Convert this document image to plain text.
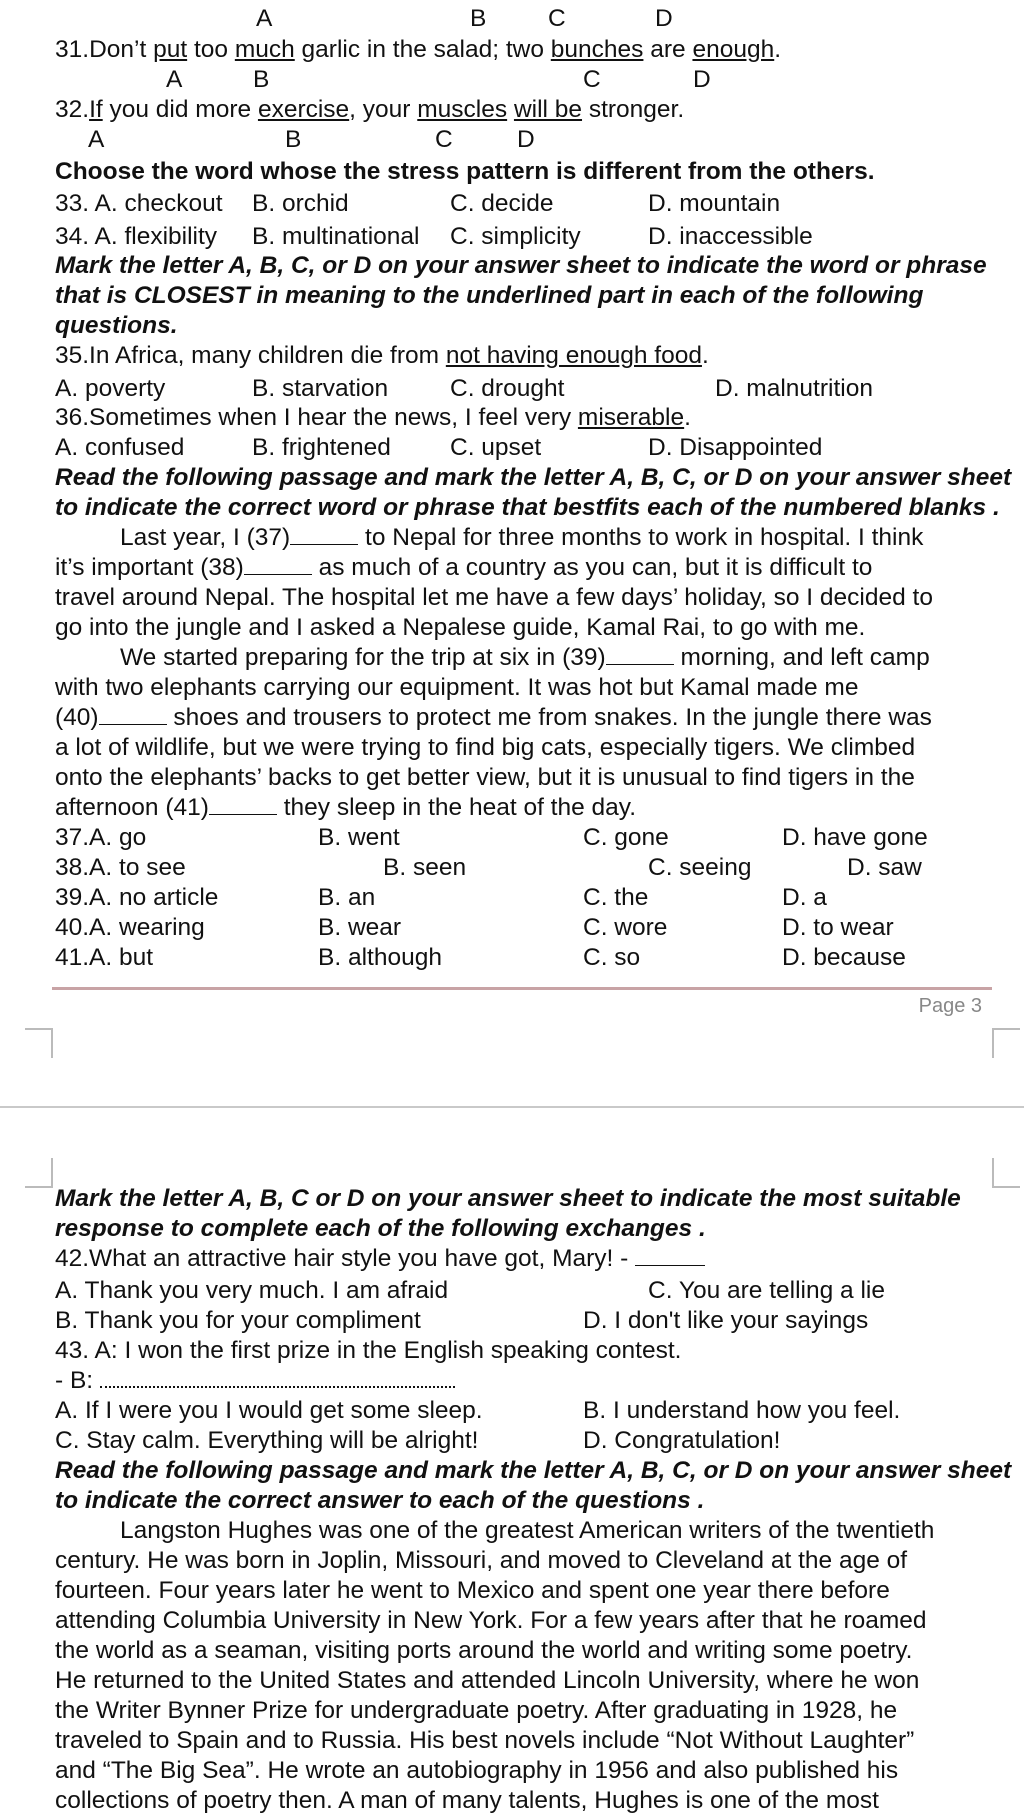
A	B	C	D
31.Don’t put too much garlic in the salad; two bunches are enough.
A	B	C	D
32.If you did more exercise, your muscles will be stronger.
A	B	C	D
Choose the word whose the stress pattern is different from the others.
33. A. checkout B. orchid	C. decide	D. mountain
34. A. flexibility B. multinational C. simplicity	D. inaccessible
Mark the letter A, B, C, or D on your answer sheet to indicate the word or phrase
that is CLOSEST in meaning to the underlined part in each of the following
questions.
35.In Africa, many children die from not having enough food.
A. poverty	B. starvation	C. drought	D. malnutrition
36.Sometimes when I hear the news, I feel very miserable.
A. confused	B. frightened C. upset	D. Disappointed
Read the following passage and mark the letter A, B, C, or D on your answer sheet
to indicate the correct word or phrase that bestfits each of the numbered blanks .
Last year, I (37)	to Nepal for three months to work in hospital. I think
it’s important (38)	as much of a country as you can, but it is difficult to
travel around Nepal. The hospital let me have a few days’ holiday, so I decided to
go into the jungle and I asked a Nepalese guide, Kamal Rai, to go with me.
We started preparing for the trip at six in (39)	morning, and left camp
with two elephants carrying our equipment. It was hot but Kamal made me
(40)	shoes and trousers to protect me from snakes. In the jungle there was
a lot of wildlife, but we were trying to find big cats, especially tigers. We climbed
onto the elephants’ backs to get better view, but it is unusual to find tigers in the
afternoon (41)	they sleep in the heat of the day.
37.A. go	B. went	C. gone	D. have gone
38.A. to see	B. seen	C. seeing	D. saw
39.A. no article	B. an	C. the	D. a
40.A. wearing	B. wear	C. wore	D. to wear
41.A. but	B. although	C. so	D. because
Page 3
Mark the letter A, B, C or D on your answer sheet to indicate the most suitable
response to complete each of the following exchanges .
42.What an attractive hair style you have got, Mary! -
A. Thank you very much. I am afraid	C. You are telling a lie
B. Thank you for your compliment	D. I don't like your sayings
43. A: I won the first prize in the English speaking contest.
- B:
A. If I were you I would get some sleep.	B. I understand how you feel.
C. Stay calm. Everything will be alright!	D. Congratulation!
Read the following passage and mark the letter A, B, C, or D on your answer sheet
to indicate the correct answer to each of the questions .
Langston Hughes was one of the greatest American writers of the twentieth
century. He was born in Joplin, Missouri, and moved to Cleveland at the age of
fourteen. Four years later he went to Mexico and spent one year there before
attending Columbia University in New York. For a few years after that he roamed
the world as a seaman, visiting ports around the world and writing some poetry.
He returned to the United States and attended Lincoln University, where he won
the Writer Bynner Prize for undergraduate poetry. After graduating in 1928, he
traveled to Spain and to Russia. His best novels include “Not Without Laughter”
and “The Big Sea”. He wrote an autobiography in 1956 and also published his
collections of poetry then. A man of many talents, Hughes is one of the most
